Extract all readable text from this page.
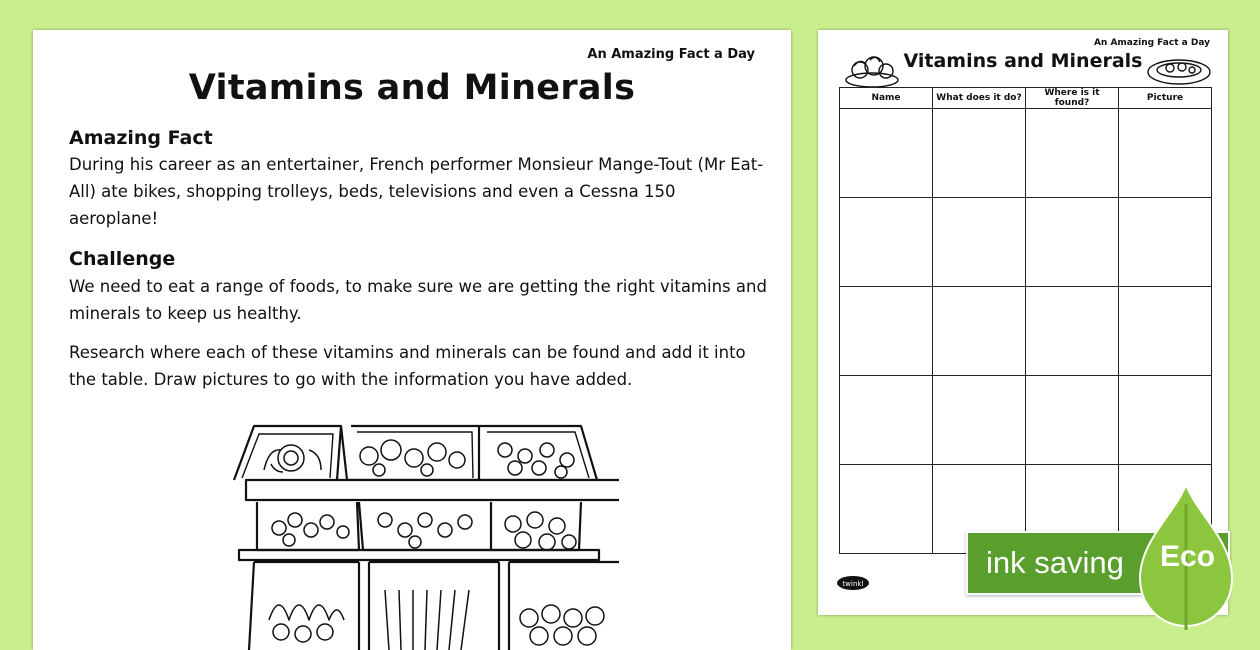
An Amazing Fact a Day
Vitamins and Minerals
Amazing Fact
During his career as an entertainer, French performer Monsieur Mange-Tout (Mr Eat-All) ate bikes, shopping trolleys, beds, televisions and even a Cessna 150 aeroplane!
Challenge
We need to eat a range of foods, to make sure we are getting the right vitamins and minerals to keep us healthy.
Research where each of these vitamins and minerals can be found and add it into the table. Draw pictures to go with the information you have added.
An Amazing Fact a Day
Vitamins and Minerals
Name	What does it do?	Where is it found?	Picture

twinkl
ink saving Eco
